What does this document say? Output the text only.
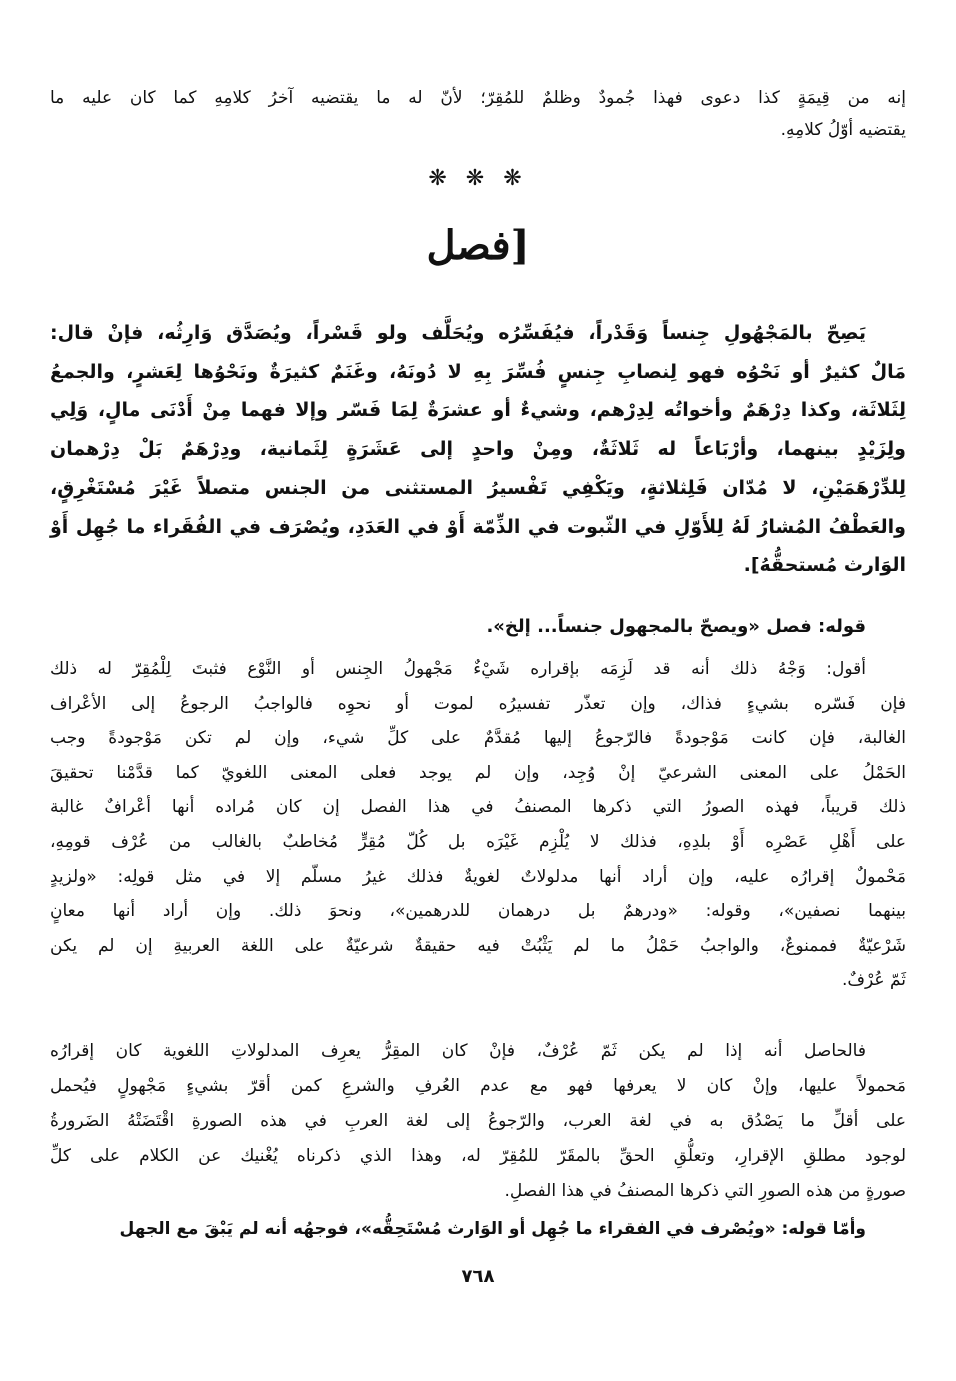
إنه من قِيمَةٍ كذا دعوى فهذا جُمودٌ وظلمٌ للمُقِرّ؛ لأنّ له ما يقتضيه آخرُ كلامِهِ كما كان عليه ما
يقتضيه أوّلُ كلامِهِ.
❋ ❋ ❋
[فصل
يَصِحّ بالمَجْهُولِ جِنساً وَقَدْراً، فيُفَسِّرُه ويُحَلَّف ولو قَسْراً، ويُصَدَّق وَارِثُه، فإنْ قال:
مَالٌ كثيرٌ أو نَحْوُه فهو لِنصابِ جِنسٍ فُسِّرَ بِهِ لا دُونَهُ، وغَنَمٌ كثيرَةٌ ونَحْوُها لِعَشرٍ، والجمعُ
لِثَلاثَة، وكذا دِرْهَمٌ وأخواتُه لِدِرْهم، وشيءٌ أو عشرَةٌ لِمَا فَسّر وإلا فهما مِنْ أَدْنَى مالٍ، وَلِي
ولِزَيْدٍ بينهما، وأرْبَاعاً له ثَلاثَةٌ، ومِنْ واحدٍ إلى عَشَرَةٍ لِثَمانية، ودِرْهَمٌ بَلْ دِرْهمان
لِلدِّرْهَمَيْنِ، لا مُدّان فَلِثلاثةٍ، ويَكْفِي تَفْسيرُ المستثنى من الجنس متصلاً غَيْرَ مُسْتَغْرِقٍ،
والعَطْفُ المُشارُ لَهُ لِلأَوّلِ في الثّبوت في الذِّمّة أَوْ في العَدَدِ، ويُصْرَف في الفُقَراء ما جُهِل أَوْ
الوَارث مُستحقُّهُ].
قوله: فصل «ويصحّ بالمجهول جنساً... إلخ».
أقول: وَجْهُ ذلك أنه قد لَزِمَه بإقراره شَيْءٌ مَجْهولُ الجِنس أو النَّوْع فثبتَ لِلْمُقِرّ له ذلك
فإن فَسّره بشيءٍ فذاك، وإن تعذّر تفسيرُه لموت أو نحوِه فالواجبُ الرجوعُ إلى الأعْراف
الغالبة، فإن كانت مَوْجودةً فالرّجوعُ إليها مُقدَّمٌ على كلِّ شيء، وإن لم تكن مَوْجودةً وجب
الحَمْلُ على المعنى الشرعيّ إنْ وُجِد، وإن لم يوجد فعلى المعنى اللغويّ كما قدَّمْنا تحقيقَ
ذلك قريباً، فهذه الصورُ التي ذكرها المصنفُ في هذا الفصل إن كان مُراده أنها أعْرافٌ غالبة
على أَهْلِ عَصْرِه أَوْ بلدِهِ، فذلك لا يُلْزِم غَيْرَه بل كُلّ مُقِرٍّ مُخاطبٌ بالغالب من عُرْف قومِهِ،
مَحْمولٌ إقرارُه عليه، وإن أراد أنها مدلولاتٌ لغويةٌ فذلك غيرُ مسلّم إلا في مثل قولِه: «ولزيدٍ
بينهما نصفين»، وقوله: «ودرهمٌ بل درهمان للدرهمين»، ونحوَ ذلك. وإن أراد أنها معانٍ
شَرْعيّةٌ فممنوعٌ، والواجبُ حَمْلُ ما لم يَثْبُتْ فيه حقيقةٌ شرعيّةٌ على اللغة العربيةِ إن لم يكن
ثَمّ عُرْفٌ.
فالحاصل أنه إذا لم يكن ثَمّ عُرْفٌ، فإنْ كان المقِرُّ يعرِف المدلولاتِ اللغوية كان إقرارُه
مَحمولاً عليها، وإنْ كان لا يعرفها فهو مع عدم العُرفِ والشرعِ كمن أقرّ بشيءٍ مَجْهولٍ فيُحمل
على أقلِّ ما يَصْدُق به في لغة العرب، والرّجوعُ إلى لغة العربِ في هذه الصورةِ اقْتَضَتْهُ الضَرورةُ
لوجود مطلقِ الإقرارِ، وتعلُّقِ الحقِّ بالمقَرّ للمُقِرّ له، وهذا الذي ذكرناه يُغْنيك عن الكلام على كلِّ
صورةٍ من هذه الصورِ التي ذكرها المصنفُ في هذا الفصلِ.
وأمّا قوله: «ويُصْرف في الفقراء ما جُهِل أو الوَارث مُسْتَحِقُّه»، فوجهُه أنه لم يَبْقَ مع الجهل
٧٦٨
